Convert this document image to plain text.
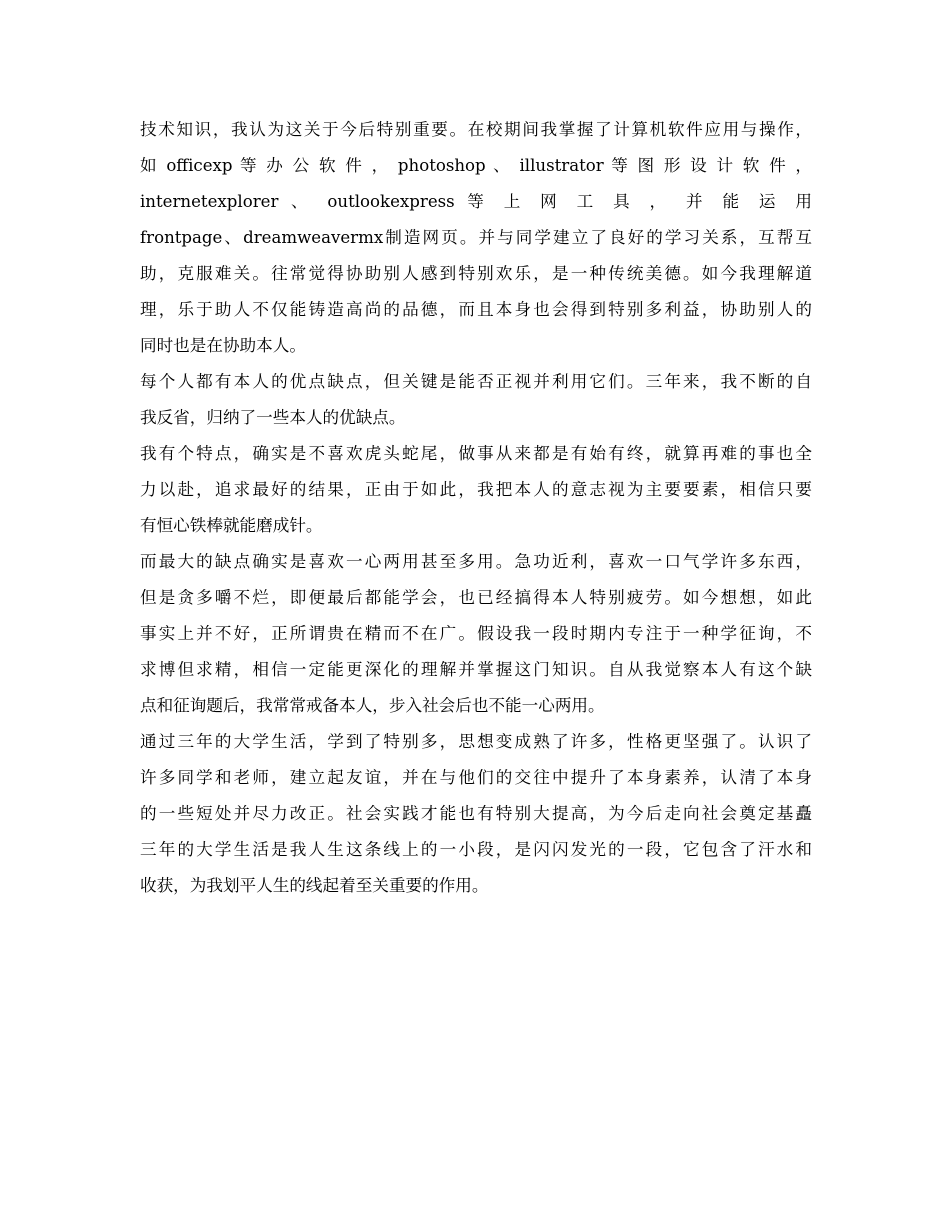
技术知识，我认为这关于今后特别重要。在校期间我掌握了计算机软件应用与操作，
如 officexp 等 办 公 软 件 ， photoshop 、 illustrator 等 图 形 设 计 软 件 ，
internetexplorer 、 outlookexpress 等 上 网 工 具 ， 并 能 运 用
frontpage、dreamweavermx制造网页。并与同学建立了良好的学习关系，互帮互
助，克服难关。往常觉得协助别人感到特别欢乐，是一种传统美德。如今我理解道
理，乐于助人不仅能铸造高尚的品德，而且本身也会得到特别多利益，协助别人的
同时也是在协助本人。
每个人都有本人的优点缺点，但关键是能否正视并利用它们。三年来，我不断的自
我反省，归纳了一些本人的优缺点。
我有个特点，确实是不喜欢虎头蛇尾，做事从来都是有始有终，就算再难的事也全
力以赴，追求最好的结果，正由于如此，我把本人的意志视为主要要素，相信只要
有恒心铁棒就能磨成针。
而最大的缺点确实是喜欢一心两用甚至多用。急功近利，喜欢一口气学许多东西，
但是贪多嚼不烂，即便最后都能学会，也已经搞得本人特别疲劳。如今想想，如此
事实上并不好，正所谓贵在精而不在广。假设我一段时期内专注于一种学征询，不
求博但求精，相信一定能更深化的理解并掌握这门知识。自从我觉察本人有这个缺
点和征询题后，我常常戒备本人，步入社会后也不能一心两用。
通过三年的大学生活，学到了特别多，思想变成熟了许多，性格更坚强了。认识了
许多同学和老师，建立起友谊，并在与他们的交往中提升了本身素养，认清了本身
的一些短处并尽力改正。社会实践才能也有特别大提高，为今后走向社会奠定基矗
三年的大学生活是我人生这条线上的一小段，是闪闪发光的一段，它包含了汗水和
收获，为我划平人生的线起着至关重要的作用。
